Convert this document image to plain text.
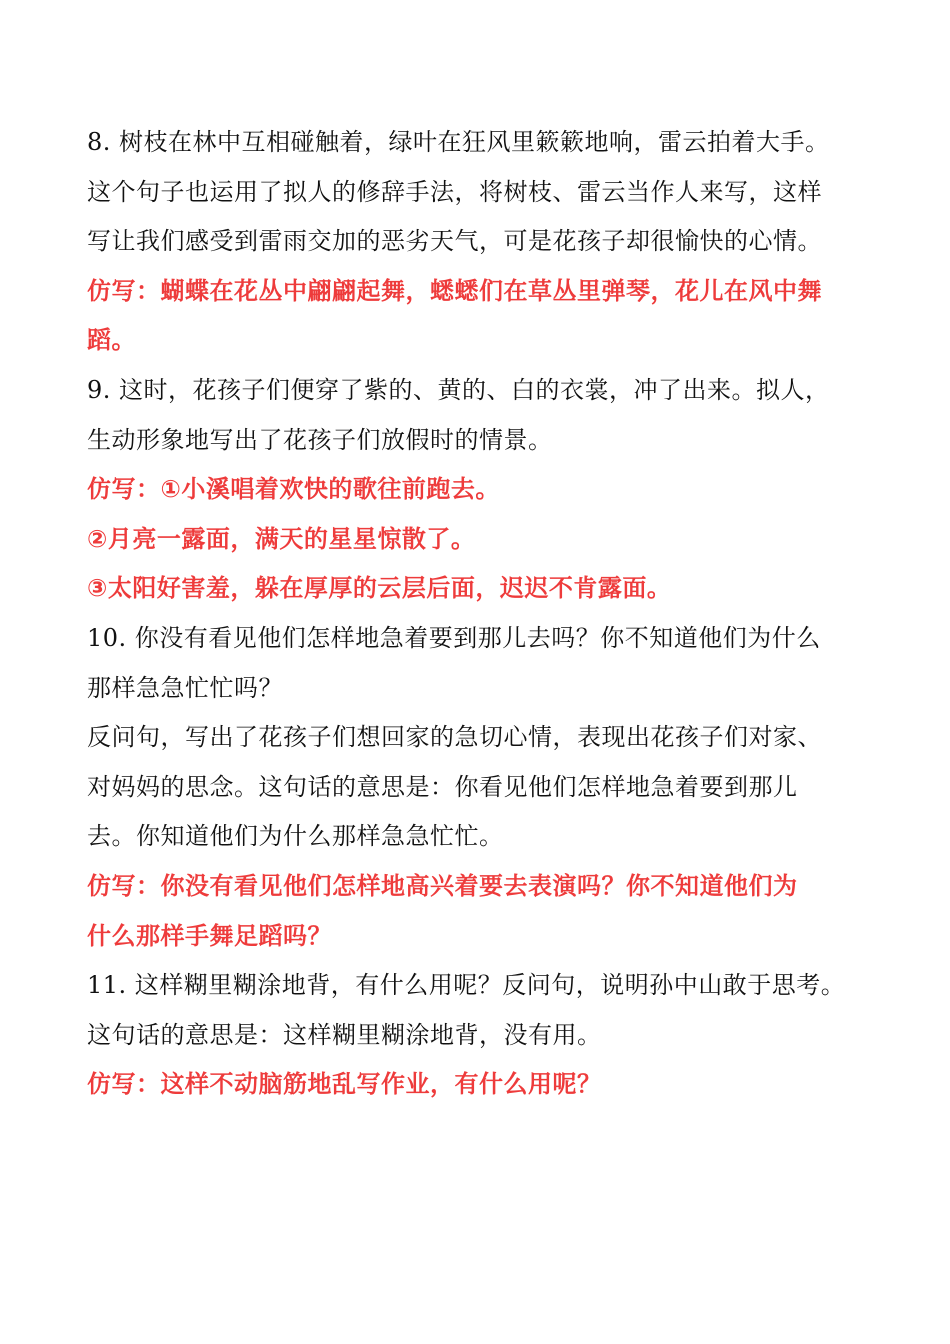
8. 树枝在林中互相碰触着，绿叶在狂风里簌簌地响，雷云拍着大手。

这个句子也运用了拟人的修辞手法，将树枝、雷云当作人来写，这样

写让我们感受到雷雨交加的恶劣天气，可是花孩子却很愉快的心情。

仿写：蝴蝶在花丛中翩翩起舞，蟋蟋们在草丛里弹琴，花儿在风中舞

蹈。

9. 这时，花孩子们便穿了紫的、黄的、白的衣裳，冲了出来。拟人，

生动形象地写出了花孩子们放假时的情景。

仿写：①小溪唱着欢快的歌往前跑去。

②月亮一露面，满天的星星惊散了。

③太阳好害羞，躲在厚厚的云层后面，迟迟不肯露面。

10. 你没有看见他们怎样地急着要到那儿去吗？你不知道他们为什么

那样急急忙忙吗？

反问句，写出了花孩子们想回家的急切心情，表现出花孩子们对家、

对妈妈的思念。这句话的意思是：你看见他们怎样地急着要到那儿

去。你知道他们为什么那样急急忙忙。

仿写：你没有看见他们怎样地高兴着要去表演吗？你不知道他们为

什么那样手舞足蹈吗？

11. 这样糊里糊涂地背，有什么用呢？反问句，说明孙中山敢于思考。

这句话的意思是：这样糊里糊涂地背，没有用。

仿写：这样不动脑筋地乱写作业，有什么用呢？
